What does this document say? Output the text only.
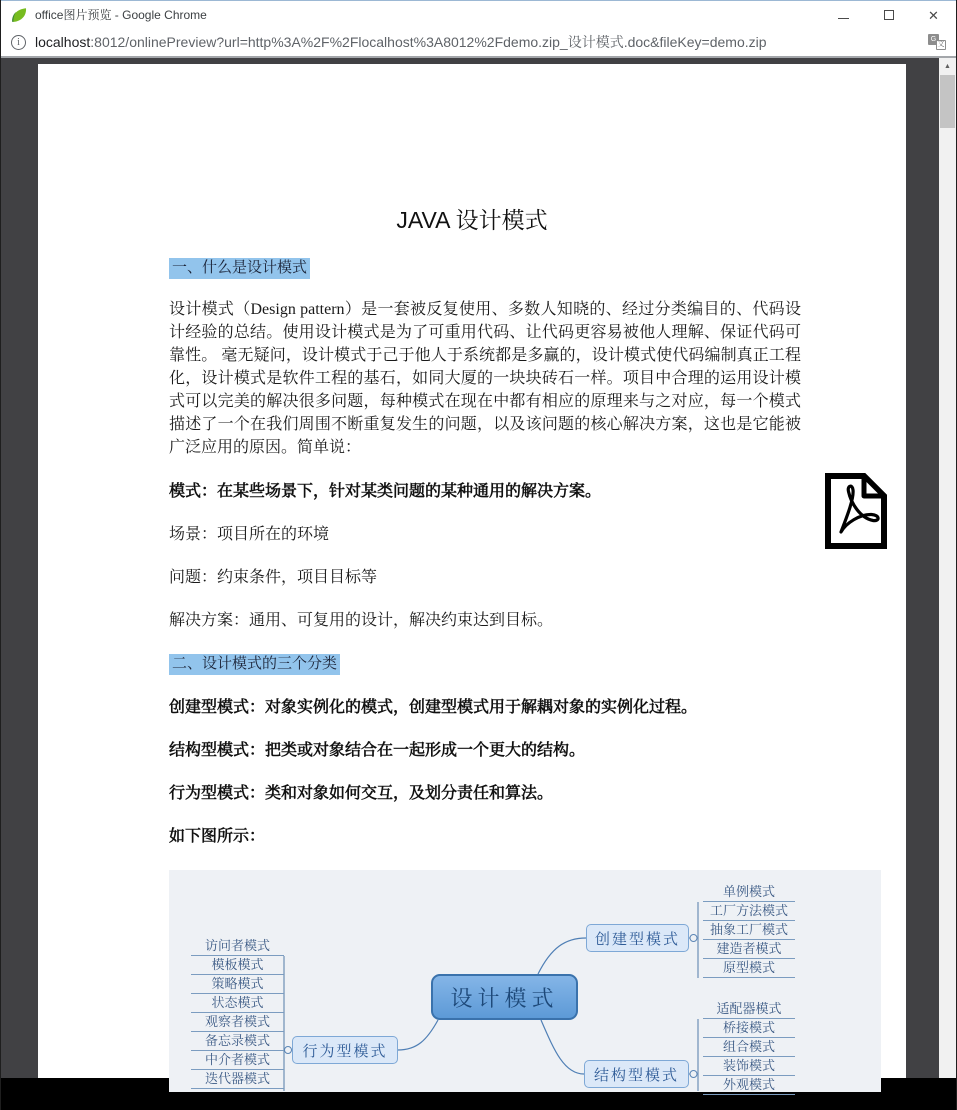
office图片预览 - Google Chrome	✕
i	localhost:8012/onlinePreview?url=http%3A%2F%2Flocalhost%3A8012%2Fdemo.zip_设计模式.doc&fileKey=demo.zip	G
文
JAVA 设计模式

一、什么是设计模式

设计模式（Design pattern）是一套被反复使用、多数人知晓的、经过分类编目的、代码设计经验的总结。使用设计模式是为了可重用代码、让代码更容易被他人理解、保证代码可靠性。 毫无疑问，设计模式于己于他人于系统都是多赢的，设计模式使代码编制真正工程化，设计模式是软件工程的基石，如同大厦的一块块砖石一样。项目中合理的运用设计模式可以完美的解决很多问题，每种模式在现在中都有相应的原理来与之对应，每一个模式描述了一个在我们周围不断重复发生的问题，以及该问题的核心解决方案，这也是它能被广泛应用的原因。简单说：

模式：在某些场景下，针对某类问题的某种通用的解决方案。

场景：项目所在的环境

问题：约束条件，项目目标等

解决方案：通用、可复用的设计，解决约束达到目标。

二、设计模式的三个分类

创建型模式：对象实例化的模式，创建型模式用于解耦对象的实例化过程。

结构型模式：把类或对象结合在一起形成一个更大的结构。

行为型模式：类和对象如何交互，及划分责任和算法。

如下图所示：

设计模式
创建型模式
结构型模式
行为型模式
访问者模式
模板模式
策略模式
状态模式
观察者模式
备忘录模式
中介者模式
迭代器模式
单例模式
工厂方法模式
抽象工厂模式
建造者模式
原型模式
适配器模式
桥接模式
组合模式
装饰模式
外观模式
▲
